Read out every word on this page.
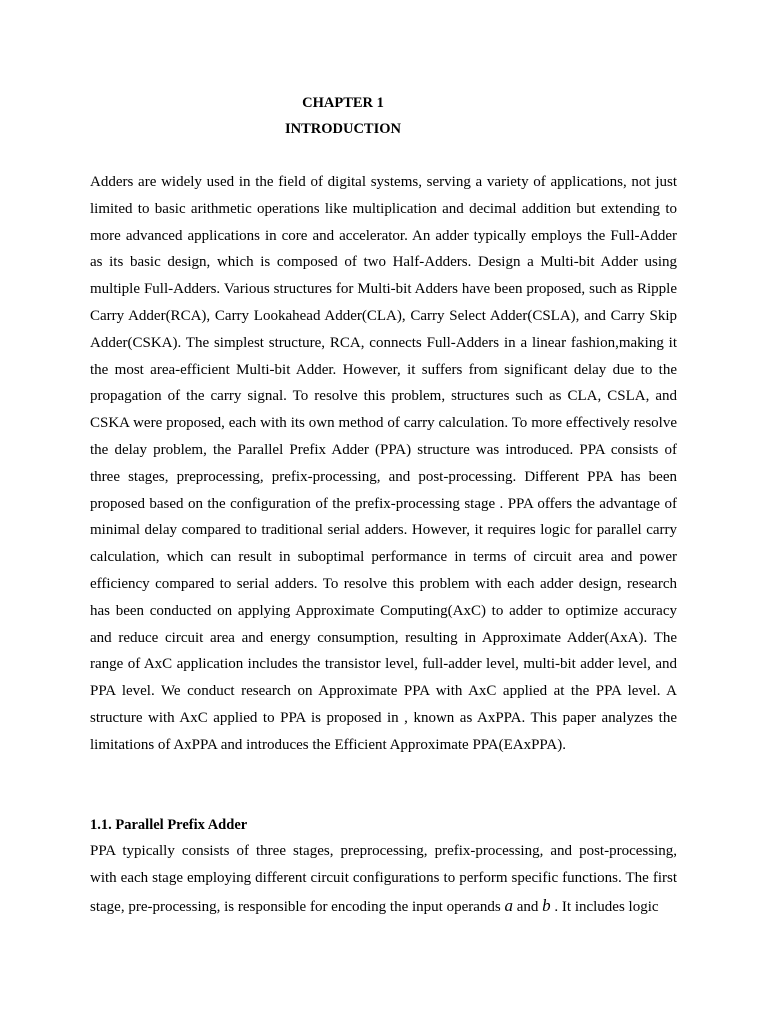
CHAPTER 1
INTRODUCTION

Adders are widely used in the field of digital systems, serving a variety of applications, not just limited to basic arithmetic operations like multiplication and decimal addition but extending to more advanced applications in core and accelerator. An adder typically employs the Full-Adder as its basic design, which is composed of two Half-Adders. Design a Multi-bit Adder using multiple Full-Adders. Various structures for Multi-bit Adders have been proposed, such as Ripple Carry Adder(RCA), Carry Lookahead Adder(CLA), Carry Select Adder(CSLA), and Carry Skip Adder(CSKA). The simplest structure, RCA, connects Full-Adders in a linear fashion,making it the most area-efficient Multi-bit Adder. However, it suffers from significant delay due to the propagation of the carry signal. To resolve this problem, structures such as CLA, CSLA, and CSKA were proposed, each with its own method of carry calculation. To more effectively resolve the delay problem, the Parallel Prefix Adder (PPA) structure was introduced. PPA consists of three stages, preprocessing, prefix-processing, and post-processing. Different PPA has been proposed based on the configuration of the prefix-processing stage . PPA offers the advantage of minimal delay compared to traditional serial adders. However, it requires logic for parallel carry calculation, which can result in suboptimal performance in terms of circuit area and power efficiency compared to serial adders. To resolve this problem with each adder design, research has been conducted on applying Approximate Computing(AxC) to adder to optimize accuracy and reduce circuit area and energy consumption, resulting in Approximate Adder(AxA). The range of AxC application includes the transistor level, full-adder level, multi-bit adder level, and PPA level. We conduct research on Approximate PPA with AxC applied at the PPA level. A structure with AxC applied to PPA is proposed in , known as AxPPA. This paper analyzes the limitations of AxPPA and introduces the Efficient Approximate PPA(EAxPPA).

1.1. Parallel Prefix Adder

PPA typically consists of three stages, preprocessing, prefix-processing, and post-processing, with each stage employing different circuit configurations to perform specific functions. The first stage, pre-processing, is responsible for encoding the input operands a and b . It includes logic
